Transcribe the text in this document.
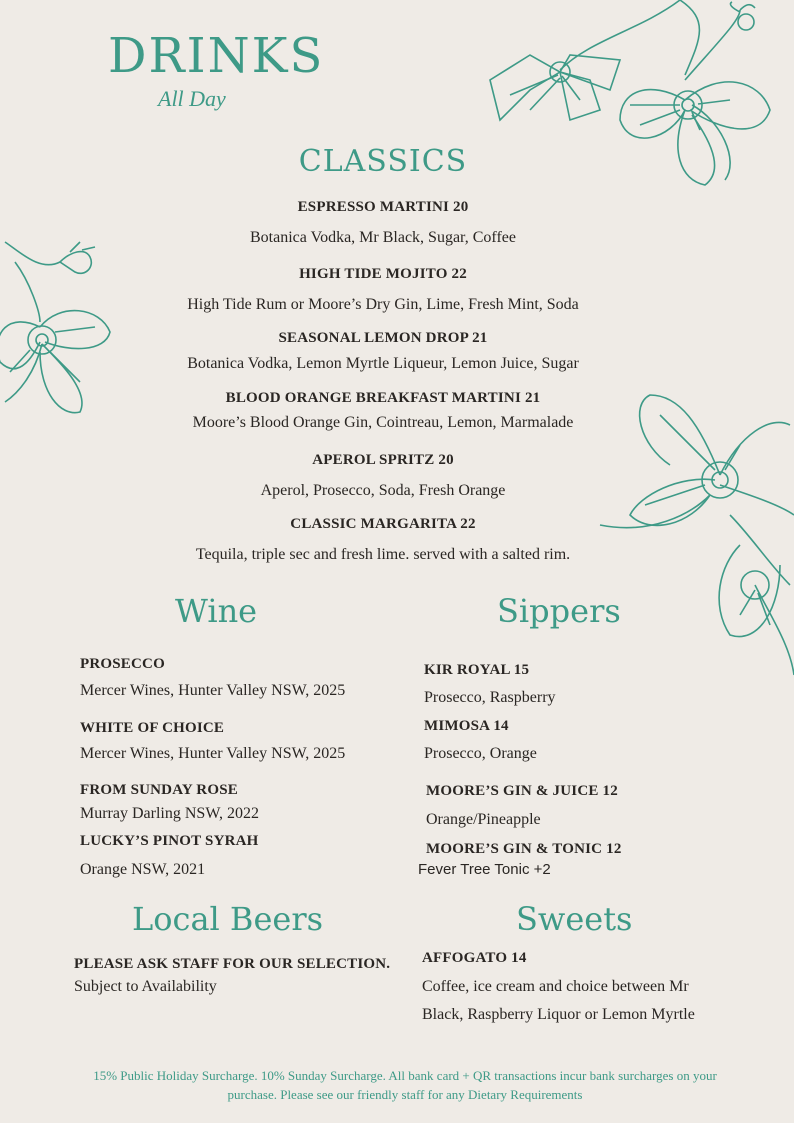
DRINKS
All Day
CLASSICS
ESPRESSO MARTINI 20
Botanica Vodka, Mr Black, Sugar, Coffee
HIGH TIDE MOJITO 22
High Tide Rum or Moore’s Dry Gin, Lime, Fresh Mint, Soda
SEASONAL LEMON DROP 21
Botanica Vodka, Lemon Myrtle Liqueur, Lemon Juice, Sugar
BLOOD ORANGE BREAKFAST MARTINI 21
Moore’s Blood Orange Gin, Cointreau, Lemon, Marmalade
APEROL SPRITZ 20
Aperol, Prosecco, Soda, Fresh Orange
CLASSIC MARGARITA 22
Tequila, triple sec and fresh lime. served with a salted rim.
Wine
PROSECCO
Mercer Wines, Hunter Valley NSW, 2025
WHITE OF CHOICE
Mercer Wines, Hunter Valley NSW, 2025
FROM SUNDAY ROSE
Murray Darling NSW, 2022
LUCKY’S PINOT SYRAH
Orange NSW, 2021
Sippers
KIR ROYAL 15
Prosecco, Raspberry
MIMOSA 14
Prosecco, Orange
MOORE’S GIN & JUICE 12
Orange/Pineapple
MOORE’S GIN & TONIC 12
Fever Tree Tonic +2
Local Beers
PLEASE ASK STAFF FOR OUR SELECTION.
Subject to Availability
Sweets
AFFOGATO 14
Coffee, ice cream and choice between Mr
Black, Raspberry Liquor or Lemon Myrtle
15% Public Holiday Surcharge. 10% Sunday Surcharge. All bank card + QR transactions incur bank surcharges on your
purchase. Please see our friendly staff for any Dietary Requirements
